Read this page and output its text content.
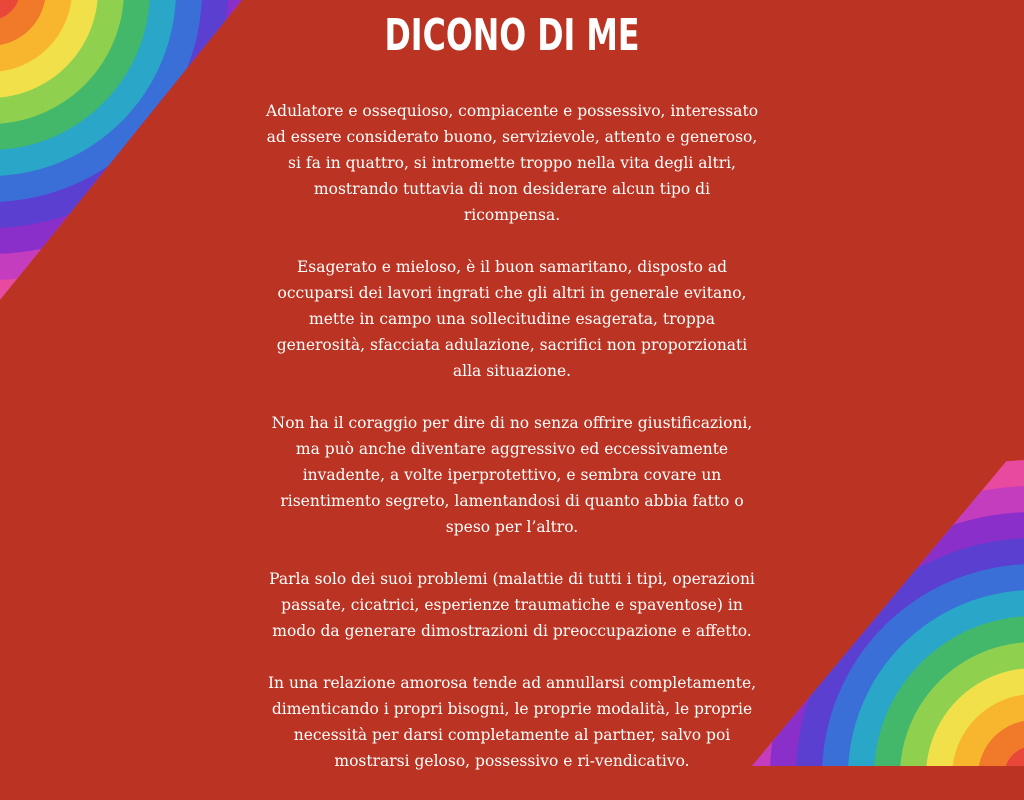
DICONO DI ME

Adulatore e ossequioso, compiacente e possessivo, interessato
ad essere considerato buono, servizievole, attento e generoso,
si fa in quattro, si intromette troppo nella vita degli altri,
mostrando tuttavia di non desiderare alcun tipo di
ricompensa.

Esagerato e mieloso, è il buon samaritano, disposto ad
occuparsi dei lavori ingrati che gli altri in generale evitano,
mette in campo una sollecitudine esagerata, troppa
generosità, sfacciata adulazione, sacrifici non proporzionati
alla situazione.

Non ha il coraggio per dire di no senza offrire giustificazioni,
ma può anche diventare aggressivo ed eccessivamente
invadente, a volte iperprotettivo, e sembra covare un
risentimento segreto, lamentandosi di quanto abbia fatto o
speso per l’altro.

Parla solo dei suoi problemi (malattie di tutti i tipi, operazioni
passate, cicatrici, esperienze traumatiche e spaventose) in
modo da generare dimostrazioni di preoccupazione e affetto.

In una relazione amorosa tende ad annullarsi completamente,
dimenticando i propri bisogni, le proprie modalità, le proprie
necessità per darsi completamente al partner, salvo poi
mostrarsi geloso, possessivo e ri-vendicativo.
